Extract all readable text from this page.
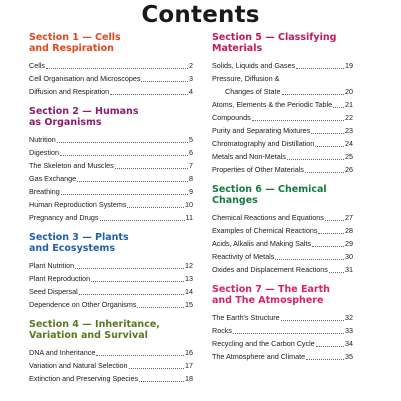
Contents
Section 1 — Cells
and Respiration
Cells	2
Cell Organisation and Microscopes	3
Diffusion and Respiration	4
Section 2 — Humans
as Organisms
Nutrition	5
Digestion	6
The Skeleton and Muscles	7
Gas Exchange	8
Breathing	9
Human Reproduction Systems	10
Pregnancy and Drugs	11
Section 3 — Plants
and Ecosystems
Plant Nutrition	12
Plant Reproduction	13
Seed Dispersal	14
Dependence on Other Organisms	15
Section 4 — Inheritance,
Variation and Survival
DNA and Inheritance	16
Variation and Natural Selection	17
Extinction and Preserving Species	18
Section 5 — Classifying
Materials
Solids, Liquids and Gases	19
Pressure, Diffusion &
Changes of State	20
Atoms, Elements & the Periodic Table 21
Compounds	22
Purity and Separating Mixtures	23
Chromatography and Distillation	24
Metals and Non-Metals	25
Properties of Other Materials	26
Section 6 — Chemical
Changes
Chemical Reactions and Equations	27
Examples of Chemical Reactions	28
Acids, Alkalis and Making Salts	29
Reactivity of Metals	30
Oxides and Displacement Reactions 31
Section 7 — The Earth
and The Atmosphere
The Earth's Structure	32
Rocks	33
Recycling and the Carbon Cycle	34
The Atmosphere and Climate	35
